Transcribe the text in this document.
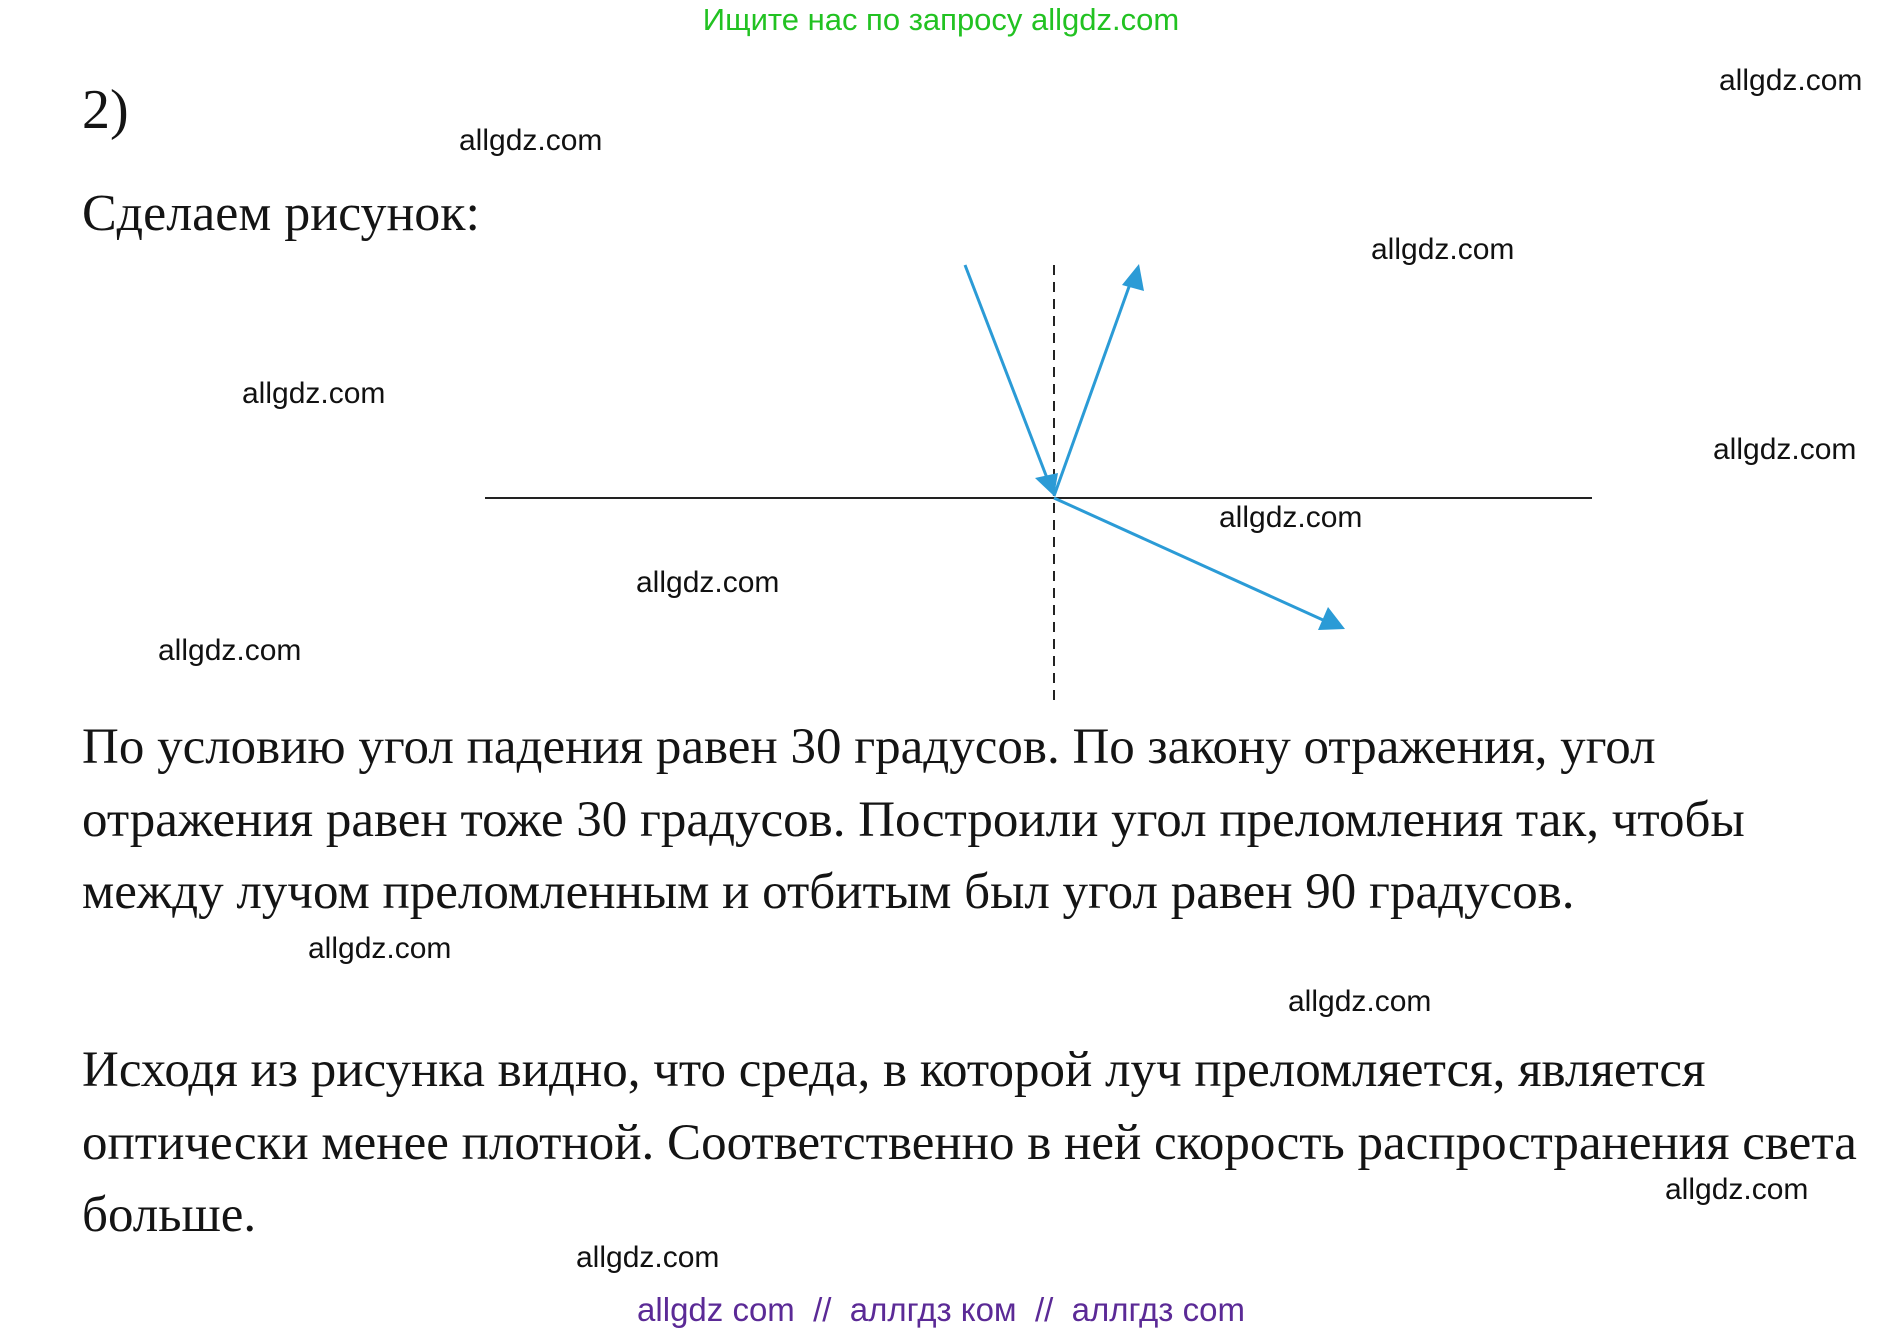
Ищите нас по запросу allgdz.com
2)
Сделаем рисунок:

По условию угол падения равен 30 градусов. По закону отражения, угол отражения равен тоже 30 градусов. Построили угол преломления так, чтобы между лучом преломленным и отбитым был угол равен 90 градусов.

Исходя из рисунка видно, что среда, в которой луч преломляется, является оптически менее плотной. Соответственно в ней скорость распространения света больше.

allgdz.com
allgdz.com
allgdz.com
allgdz.com
allgdz.com
allgdz.com
allgdz.com
allgdz.com
allgdz.com
allgdz.com
allgdz.com
allgdz.com
allgdz com  //  аллгдз ком  //  аллгдз com
